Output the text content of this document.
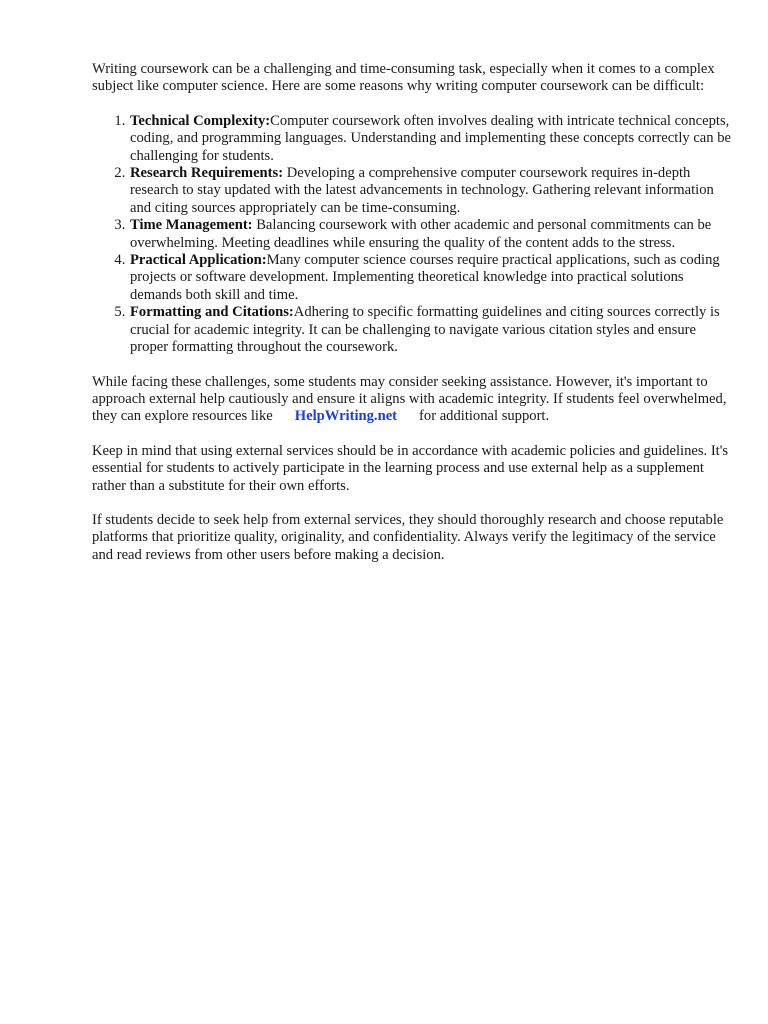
Writing coursework can be a challenging and time-consuming task, especially when it comes to a complex subject like computer science. Here are some reasons why writing computer coursework can be difficult:

1. Technical Complexity:Computer coursework often involves dealing with intricate technical concepts, coding, and programming languages. Understanding and implementing these concepts correctly can be challenging for students.
2. Research Requirements: Developing a comprehensive computer coursework requires in-depth research to stay updated with the latest advancements in technology. Gathering relevant information and citing sources appropriately can be time-consuming.
3. Time Management: Balancing coursework with other academic and personal commitments can be overwhelming. Meeting deadlines while ensuring the quality of the content adds to the stress.
4. Practical Application:Many computer science courses require practical applications, such as coding projects or software development. Implementing theoretical knowledge into practical solutions demands both skill and time.
5. Formatting and Citations:Adhering to specific formatting guidelines and citing sources correctly is crucial for academic integrity. It can be challenging to navigate various citation styles and ensure proper formatting throughout the coursework.

While facing these challenges, some students may consider seeking assistance. However, it's important to approach external help cautiously and ensure it aligns with academic integrity. If students feel overwhelmed, they can explore resources like HelpWriting.net for additional support.

Keep in mind that using external services should be in accordance with academic policies and guidelines. It's essential for students to actively participate in the learning process and use external help as a supplement rather than a substitute for their own efforts.

If students decide to seek help from external services, they should thoroughly research and choose reputable platforms that prioritize quality, originality, and confidentiality. Always verify the legitimacy of the service and read reviews from other users before making a decision.
